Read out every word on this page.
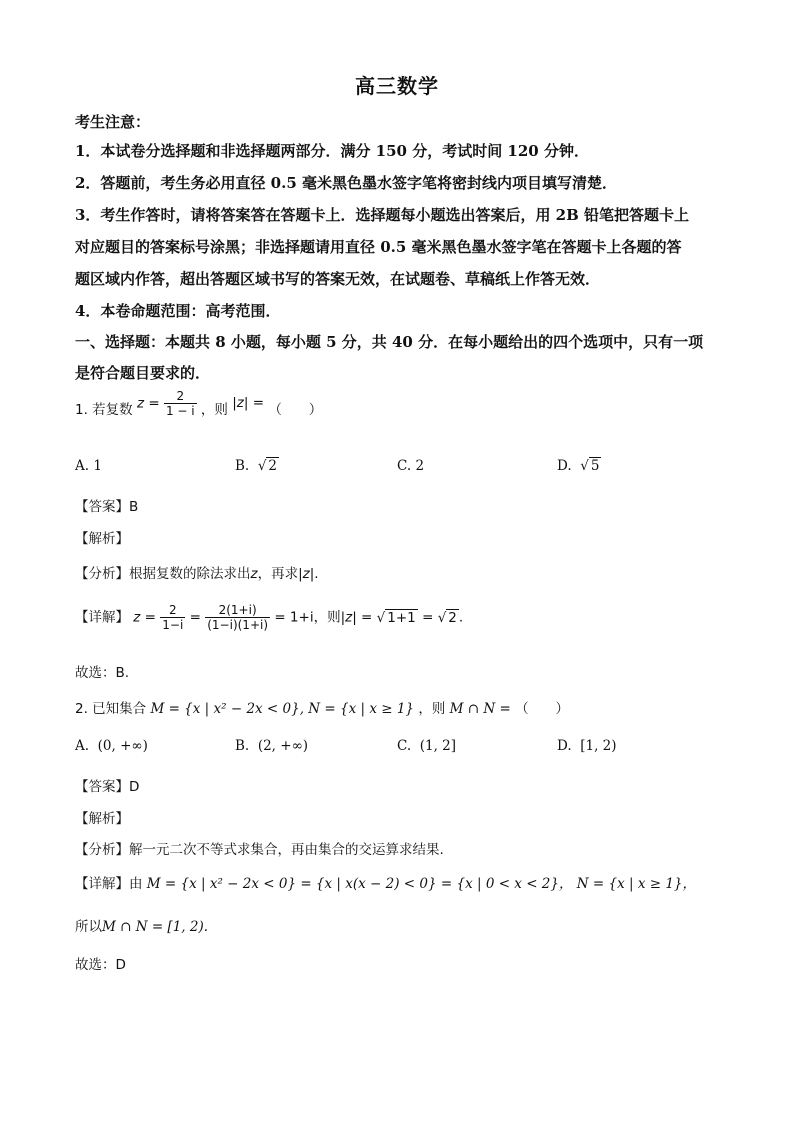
高三数学
考生注意：
1．本试卷分选择题和非选择题两部分．满分 150 分，考试时间 120 分钟．
2．答题前，考生务必用直径 0.5 毫米黑色墨水签字笔将密封线内项目填写清楚．
3．考生作答时，请将答案答在答题卡上．选择题每小题选出答案后，用 2B 铅笔把答题卡上
对应题目的答案标号涂黑；非选择题请用直径 0.5 毫米黑色墨水签字笔在答题卡上各题的答
题区域内作答，超出答题区域书写的答案无效，在试题卷、草稿纸上作答无效．
4．本卷命题范围：高考范围．
一、选择题：本题共 8 小题，每小题 5 分，共 40 分．在每小题给出的四个选项中，只有一项
是符合题目要求的．
1. 若复数 $z = \frac{2}{1 - i}$ ，则 |z| = （　　）
A. 1	B. √ 2	C. 2	D. √ 5
【答案】B
【解析】
【分析】根据复数的除法求出z，再求|z|.
【详解】 $z = \frac{2}{1-i} = \frac{2(1+i)}{(1-i)(1+i)} = 1+i$，则|z| = √ 1+1 = √ 2 .
故选：B.
2. 已知集合 M = {x | x² − 2x < 0}, N = {x | x ≥ 1} ，则 M ∩ N = （　　）
A. (0, +∞)	B. (2, +∞)	C. (1, 2]	D. [1, 2)
【答案】D
【解析】
【分析】解一元二次不等式求集合，再由集合的交运算求结果.
【详解】由 M = {x | x² − 2x < 0} = {x | x(x − 2) < 0} = {x | 0 < x < 2}， N = {x | x ≥ 1}，
所以M ∩ N = [1, 2).
故选：D
